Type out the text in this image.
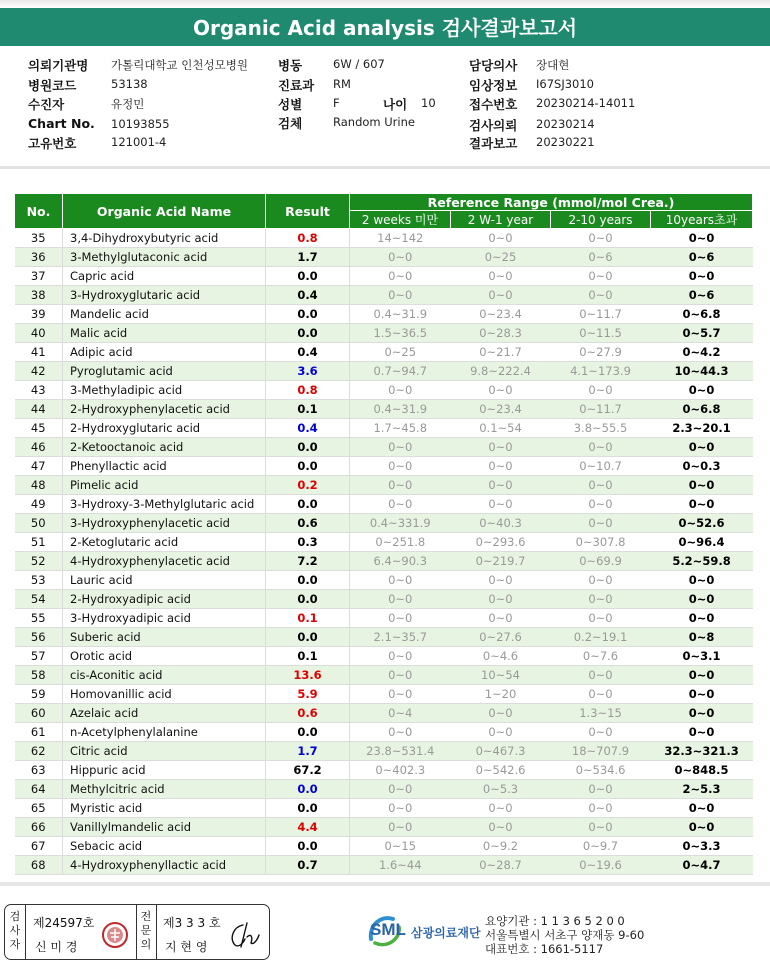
Organic Acid analysis 검사결과보고서
의뢰기관명 가톨릭대학교 인천성모병원
병원코드	53138
수진자	유정민
Chart No. 10193855
고유번호	121001-4
병동	6W / 607
진료과 RM
성별	F	나이 10
검체	Random Urine
담당의사 장대현
임상정보 I67SJ3010
접수번호 20230214-14011
검사의뢰 20230214
결과보고 20230221
No.	Organic Acid Name	Result	Reference Range (mmol/mol Crea.)			
			2 weeks 미만	2 W-1 year	2-10 years	10years초과
35	3,4-Dihydroxybutyric acid	0.8	14~142	0~0	0~0	0~0
36	3-Methylglutaconic acid	1.7	0~0	0~25	0~6	0~6
37	Capric acid	0.0	0~0	0~0	0~0	0~0
38	3-Hydroxyglutaric acid	0.4	0~0	0~0	0~0	0~6
39	Mandelic acid	0.0	0.4~31.9	0~23.4	0~11.7	0~6.8
40	Malic acid	0.0	1.5~36.5	0~28.3	0~11.5	0~5.7
41	Adipic acid	0.4	0~25	0~21.7	0~27.9	0~4.2
42	Pyroglutamic acid	3.6	0.7~94.7	9.8~222.4	4.1~173.9	10~44.3
43	3-Methyladipic acid	0.8	0~0	0~0	0~0	0~0
44	2-Hydroxyphenylacetic acid	0.1	0.4~31.9	0~23.4	0~11.7	0~6.8
45	2-Hydroxyglutaric acid	0.4	1.7~45.8	0.1~54	3.8~55.5	2.3~20.1
46	2-Ketooctanoic acid	0.0	0~0	0~0	0~0	0~0
47	Phenyllactic acid	0.0	0~0	0~0	0~10.7	0~0.3
48	Pimelic acid	0.2	0~0	0~0	0~0	0~0
49	3-Hydroxy-3-Methylglutaric acid	0.0	0~0	0~0	0~0	0~0
50	3-Hydroxyphenylacetic acid	0.6	0.4~331.9	0~40.3	0~0	0~52.6
51	2-Ketoglutaric acid	0.3	0~251.8	0~293.6	0~307.8	0~96.4
52	4-Hydroxyphenylacetic acid	7.2	6.4~90.3	0~219.7	0~69.9	5.2~59.8
53	Lauric acid	0.0	0~0	0~0	0~0	0~0
54	2-Hydroxyadipic acid	0.0	0~0	0~0	0~0	0~0
55	3-Hydroxyadipic acid	0.1	0~0	0~0	0~0	0~0
56	Suberic acid	0.0	2.1~35.7	0~27.6	0.2~19.1	0~8
57	Orotic acid	0.1	0~0	0~4.6	0~7.6	0~3.1
58	cis-Aconitic acid	13.6	0~0	10~54	0~0	0~0
59	Homovanillic acid	5.9	0~0	1~20	0~0	0~0
60	Azelaic acid	0.6	0~4	0~0	1.3~15	0~0
61	n-Acetylphenylalanine	0.0	0~0	0~0	0~0	0~0
62	Citric acid	1.7	23.8~531.4	0~467.3	18~707.9	32.3~321.3
63	Hippuric acid	67.2	0~402.3	0~542.6	0~534.6	0~848.5
64	Methylcitric acid	0.0	0~0	0~5.3	0~0	2~5.3
65	Myristic acid	0.0	0~0	0~0	0~0	0~0
66	Vanillylmandelic acid	4.4	0~0	0~0	0~0	0~0
67	Sebacic acid	0.0	0~15	0~9.2	0~9.7	0~3.3
68	4-Hydroxyphenyllactic acid	0.7	1.6~44	0~28.7	0~19.6	0~4.7
검
사
자
제24597호
신 미 경
전
문
의
제3 3 3 호
지 현 영
SML 삼광의료재단
요양기관 : 1 1 3 6 5 2 0 0
서울특별시 서초구 양재동 9-60
대표번호 : 1661-5117
